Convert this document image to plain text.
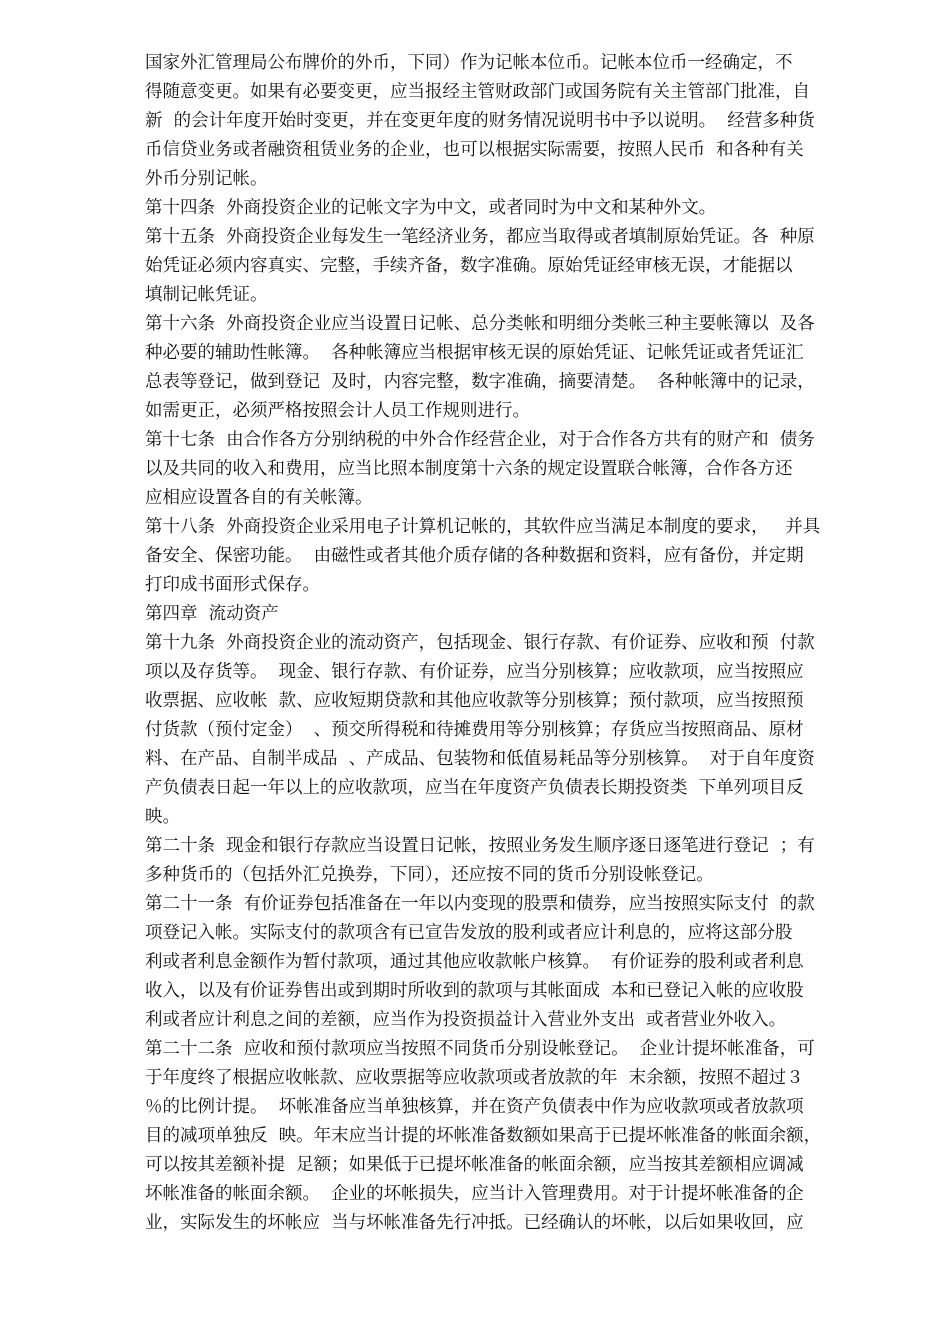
国家外汇管理局公布牌价的外币，下同）作为记帐本位币。记帐本位币一经确定，不
得随意变更。如果有必要变更，应当报经主管财政部门或国务院有关主管部门批准，自
新  的会计年度开始时变更，并在变更年度的财务情况说明书中予以说明。  经营多种货
币信贷业务或者融资租赁业务的企业，也可以根据实际需要，按照人民币  和各种有关
外币分别记帐。
第十四条  外商投资企业的记帐文字为中文，或者同时为中文和某种外文。
第十五条  外商投资企业每发生一笔经济业务，都应当取得或者填制原始凭证。各  种原
始凭证必须内容真实、完整，手续齐备，数字准确。原始凭证经审核无误，才能据以
填制记帐凭证。
第十六条  外商投资企业应当设置日记帐、总分类帐和明细分类帐三种主要帐簿以  及各
种必要的辅助性帐簿。  各种帐簿应当根据审核无误的原始凭证、记帐凭证或者凭证汇
总表等登记，做到登记  及时，内容完整，数字准确，摘要清楚。  各种帐簿中的记录，
如需更正，必须严格按照会计人员工作规则进行。
第十七条  由合作各方分别纳税的中外合作经营企业，对于合作各方共有的财产和  债务
以及共同的收入和费用，应当比照本制度第十六条的规定设置联合帐簿，合作各方还
应相应设置各自的有关帐簿。
第十八条  外商投资企业采用电子计算机记帐的，其软件应当满足本制度的要求，   并具
备安全、保密功能。  由磁性或者其他介质存储的各种数据和资料，应有备份，并定期
打印成书面形式保存。
第四章  流动资产
第十九条  外商投资企业的流动资产，包括现金、银行存款、有价证券、应收和预  付款
项以及存货等。  现金、银行存款、有价证券，应当分别核算；应收款项，应当按照应
收票据、应收帐  款、应收短期贷款和其他应收款等分别核算；预付款项，应当按照预
付货款（预付定金）  、预交所得税和待摊费用等分别核算；存货应当按照商品、原材
料、在产品、自制半成品  、产成品、包装物和低值易耗品等分别核算。  对于自年度资
产负债表日起一年以上的应收款项，应当在年度资产负债表长期投资类  下单列项目反
映。
第二十条  现金和银行存款应当设置日记帐，按照业务发生顺序逐日逐笔进行登记  ；有
多种货币的（包括外汇兑换券，下同），还应按不同的货币分别设帐登记。
第二十一条  有价证券包括准备在一年以内变现的股票和债券，应当按照实际支付  的款
项登记入帐。实际支付的款项含有已宣告发放的股利或者应计利息的，应将这部分股
利或者利息金额作为暂付款项，通过其他应收款帐户核算。  有价证券的股利或者利息
收入，以及有价证券售出或到期时所收到的款项与其帐面成  本和已登记入帐的应收股
利或者应计利息之间的差额，应当作为投资损益计入营业外支出  或者营业外收入。
第二十二条  应收和预付款项应当按照不同货币分别设帐登记。  企业计提坏帐准备，可
于年度终了根据应收帐款、应收票据等应收款项或者放款的年  末余额，按照不超过３
％的比例计提。  坏帐准备应当单独核算，并在资产负债表中作为应收款项或者放款项
目的减项单独反  映。年末应当计提的坏帐准备数额如果高于已提坏帐准备的帐面余额，
可以按其差额补提  足额；如果低于已提坏帐准备的帐面余额，应当按其差额相应调减
坏帐准备的帐面余额。  企业的坏帐损失，应当计入管理费用。对于计提坏帐准备的企
业，实际发生的坏帐应  当与坏帐准备先行冲抵。已经确认的坏帐，以后如果收回，应
